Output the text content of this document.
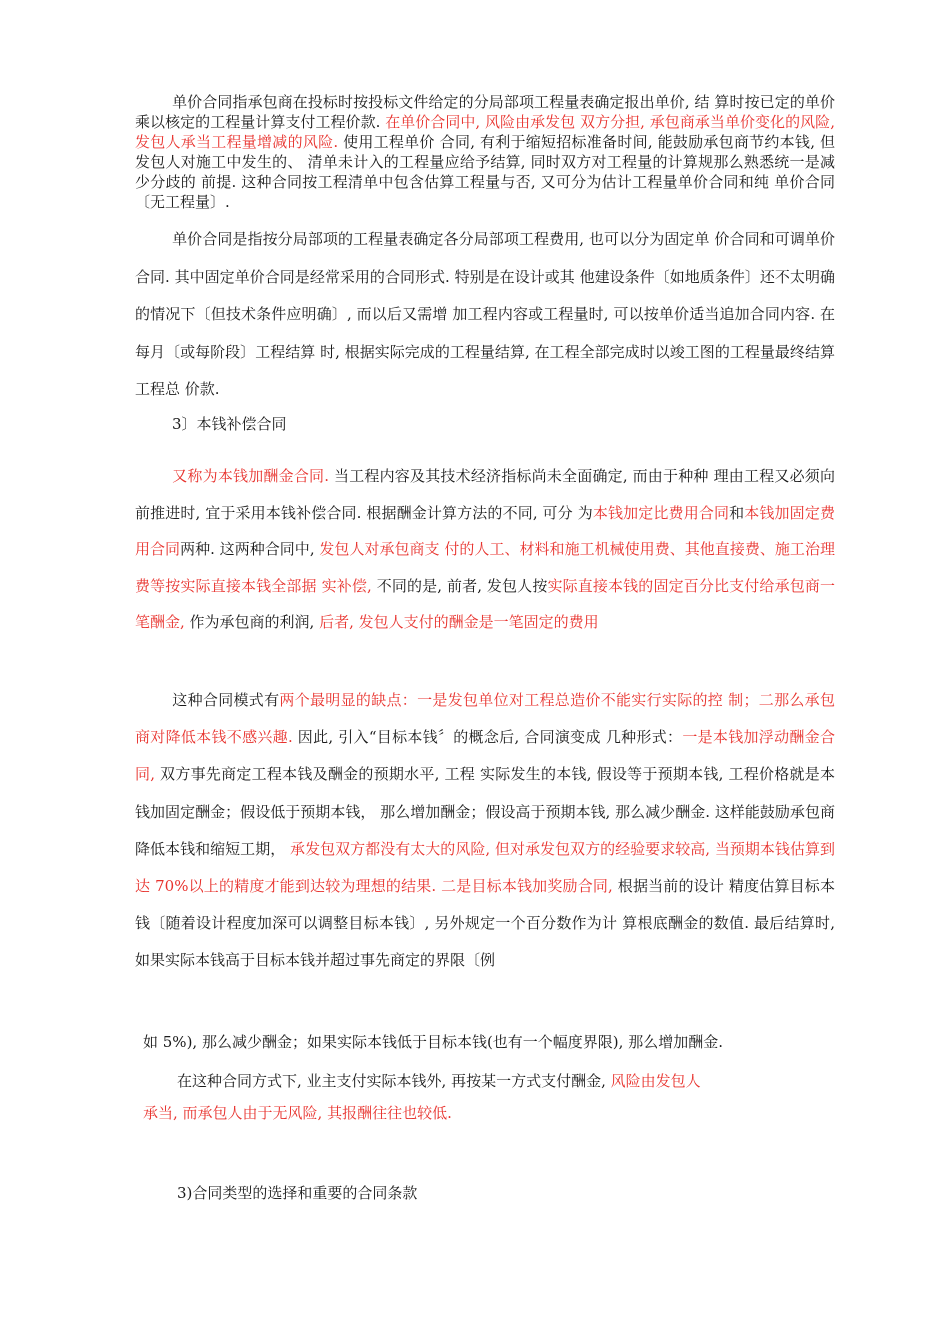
单价合同指承包商在投标时按投标文件给定的分局部项工程量表确定报出单价, 结 算时按已定的单价乘以核定的工程量计算支付工程价款. 在单价合同中, 风险由承发包 双方分担, 承包商承当单价变化的风险, 发包人承当工程量增减的风险. 使用工程单价 合同, 有利于缩短招标准备时间, 能鼓励承包商节约本钱, 但发包人对施工中发生的、 清单未计入的工程量应给予结算, 同时双方对工程量的计算规那么熟悉统一是减少分歧的 前提. 这种合同按工程清单中包含估算工程量与否, 又可分为估计工程量单价合同和纯 单价合同〔无工程量〕.

单价合同是指按分局部项的工程量表确定各分局部项工程费用, 也可以分为固定单 价合同和可调单价合同. 其中固定单价合同是经常采用的合同形式. 特别是在设计或其 他建设条件〔如地质条件〕还不太明确的情况下〔但技术条件应明确〕, 而以后又需增 加工程内容或工程量时, 可以按单价适当追加合同内容. 在每月〔或每阶段〕工程结算 时, 根据实际完成的工程量结算, 在工程全部完成时以竣工图的工程量最终结算工程总 价款.

3〕本钱补偿合同

又称为本钱加酬金合同. 当工程内容及其技术经济指标尚未全面确定, 而由于种种 理由工程又必须向前推进时, 宜于采用本钱补偿合同. 根据酬金计算方法的不同, 可分 为本钱加定比费用合同和本钱加固定费用合同两种. 这两种合同中, 发包人对承包商支 付的人工、材料和施工机械使用费、其他直接费、施工治理费等按实际直接本钱全部据 实补偿, 不同的是, 前者, 发包人按实际直接本钱的固定百分比支付给承包商一笔酬金, 作为承包商的利润, 后者, 发包人支付的酬金是一笔固定的费用

这种合同模式有两个最明显的缺点：一是发包单位对工程总造价不能实行实际的控 制；二那么承包商对降低本钱不感兴趣. 因此, 引入“目标本钱〞的概念后, 合同演变成 几种形式：一是本钱加浮动酬金合同, 双方事先商定工程本钱及酬金的预期水平, 工程 实际发生的本钱, 假设等于预期本钱, 工程价格就是本钱加固定酬金；假设低于预期本钱， 那么增加酬金；假设高于预期本钱, 那么减少酬金. 这样能鼓励承包商降低本钱和缩短工期， 承发包双方都没有太大的风险, 但对承发包双方的经验要求较高, 当预期本钱估算到达 70%以上的精度才能到达较为理想的结果. 二是目标本钱加奖励合同, 根据当前的设计 精度估算目标本钱〔随着设计程度加深可以调整目标本钱〕, 另外规定一个百分数作为计 算根底酬金的数值. 最后结算时, 如果实际本钱高于目标本钱并超过事先商定的界限〔例

如 5%), 那么减少酬金；如果实际本钱低于目标本钱(也有一个幅度界限), 那么增加酬金.

在这种合同方式下, 业主支付实际本钱外, 再按某一方式支付酬金, 风险由发包人

承当, 而承包人由于无风险, 其报酬往往也较低.

3)合同类型的选择和重要的合同条款
